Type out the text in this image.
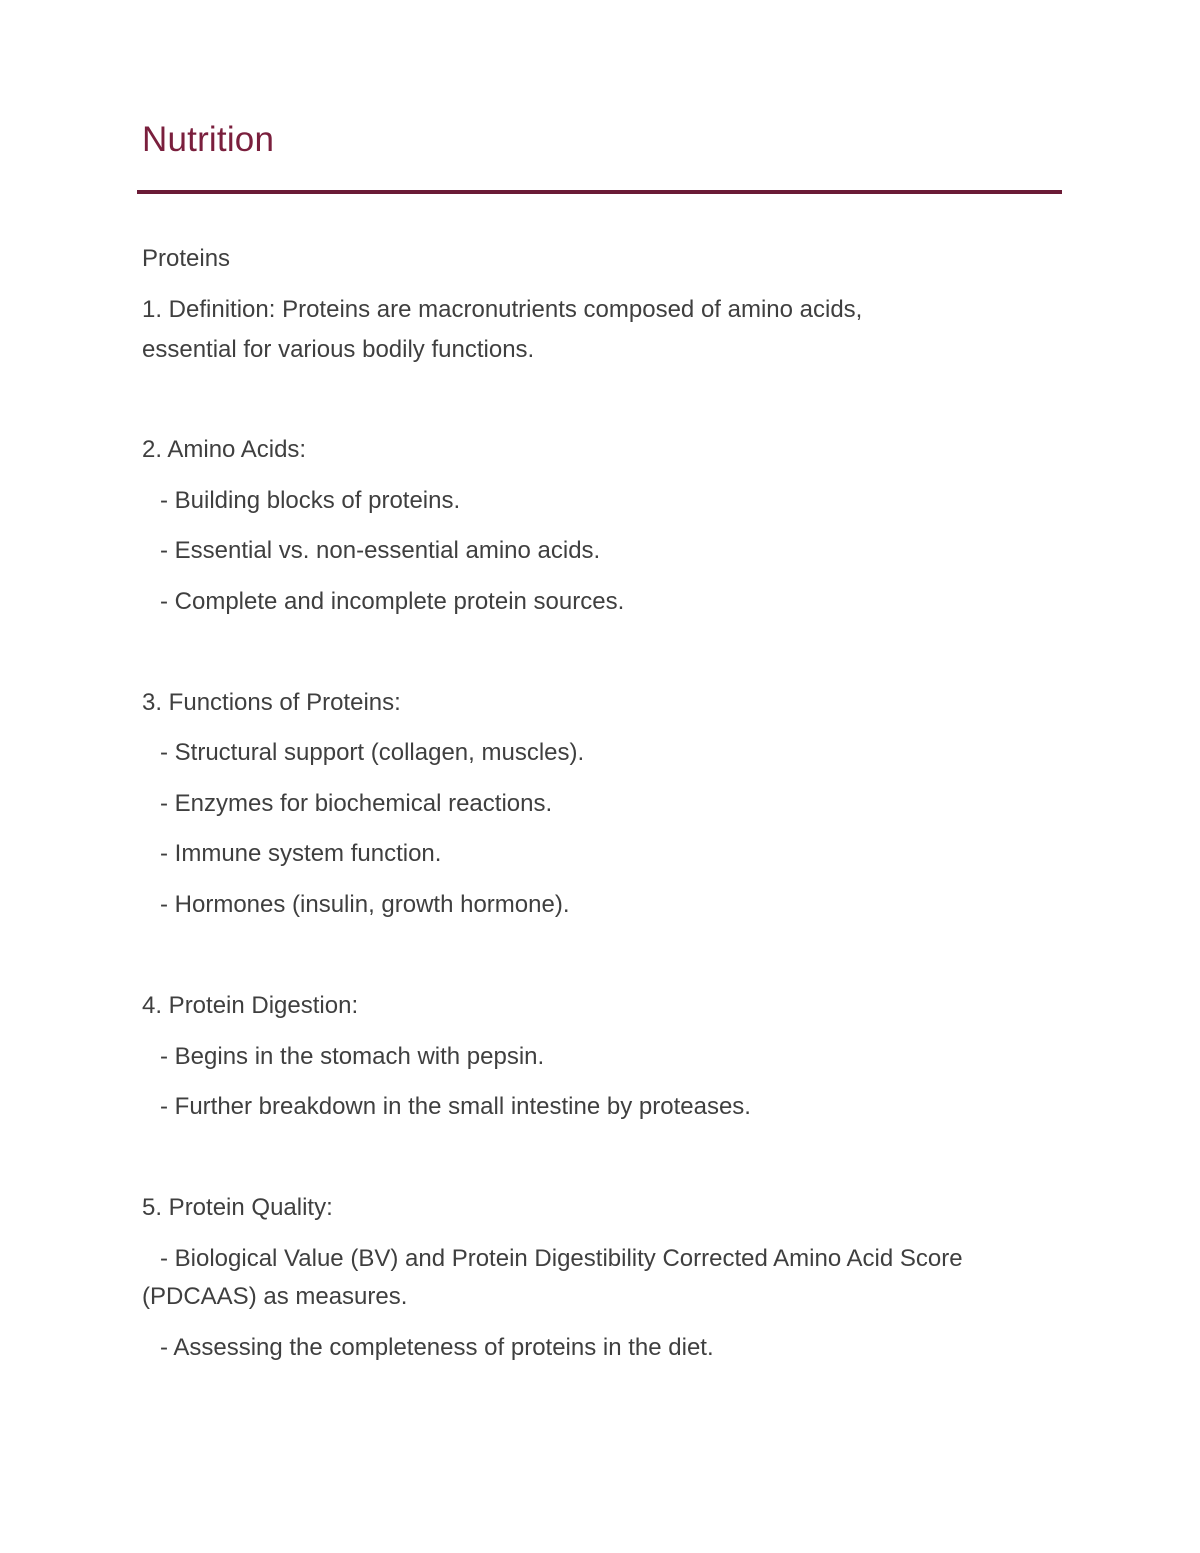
Nutrition
Proteins
1. Definition: Proteins are macronutrients composed of amino acids,
essential for various bodily functions.
2. Amino Acids:
- Building blocks of proteins.
- Essential vs. non-essential amino acids.
- Complete and incomplete protein sources.
3. Functions of Proteins:
- Structural support (collagen, muscles).
- Enzymes for biochemical reactions.
- Immune system function.
- Hormones (insulin, growth hormone).
4. Protein Digestion:
- Begins in the stomach with pepsin.
- Further breakdown in the small intestine by proteases.
5. Protein Quality:
- Biological Value (BV) and Protein Digestibility Corrected Amino Acid Score
(PDCAAS) as measures.
- Assessing the completeness of proteins in the diet.
